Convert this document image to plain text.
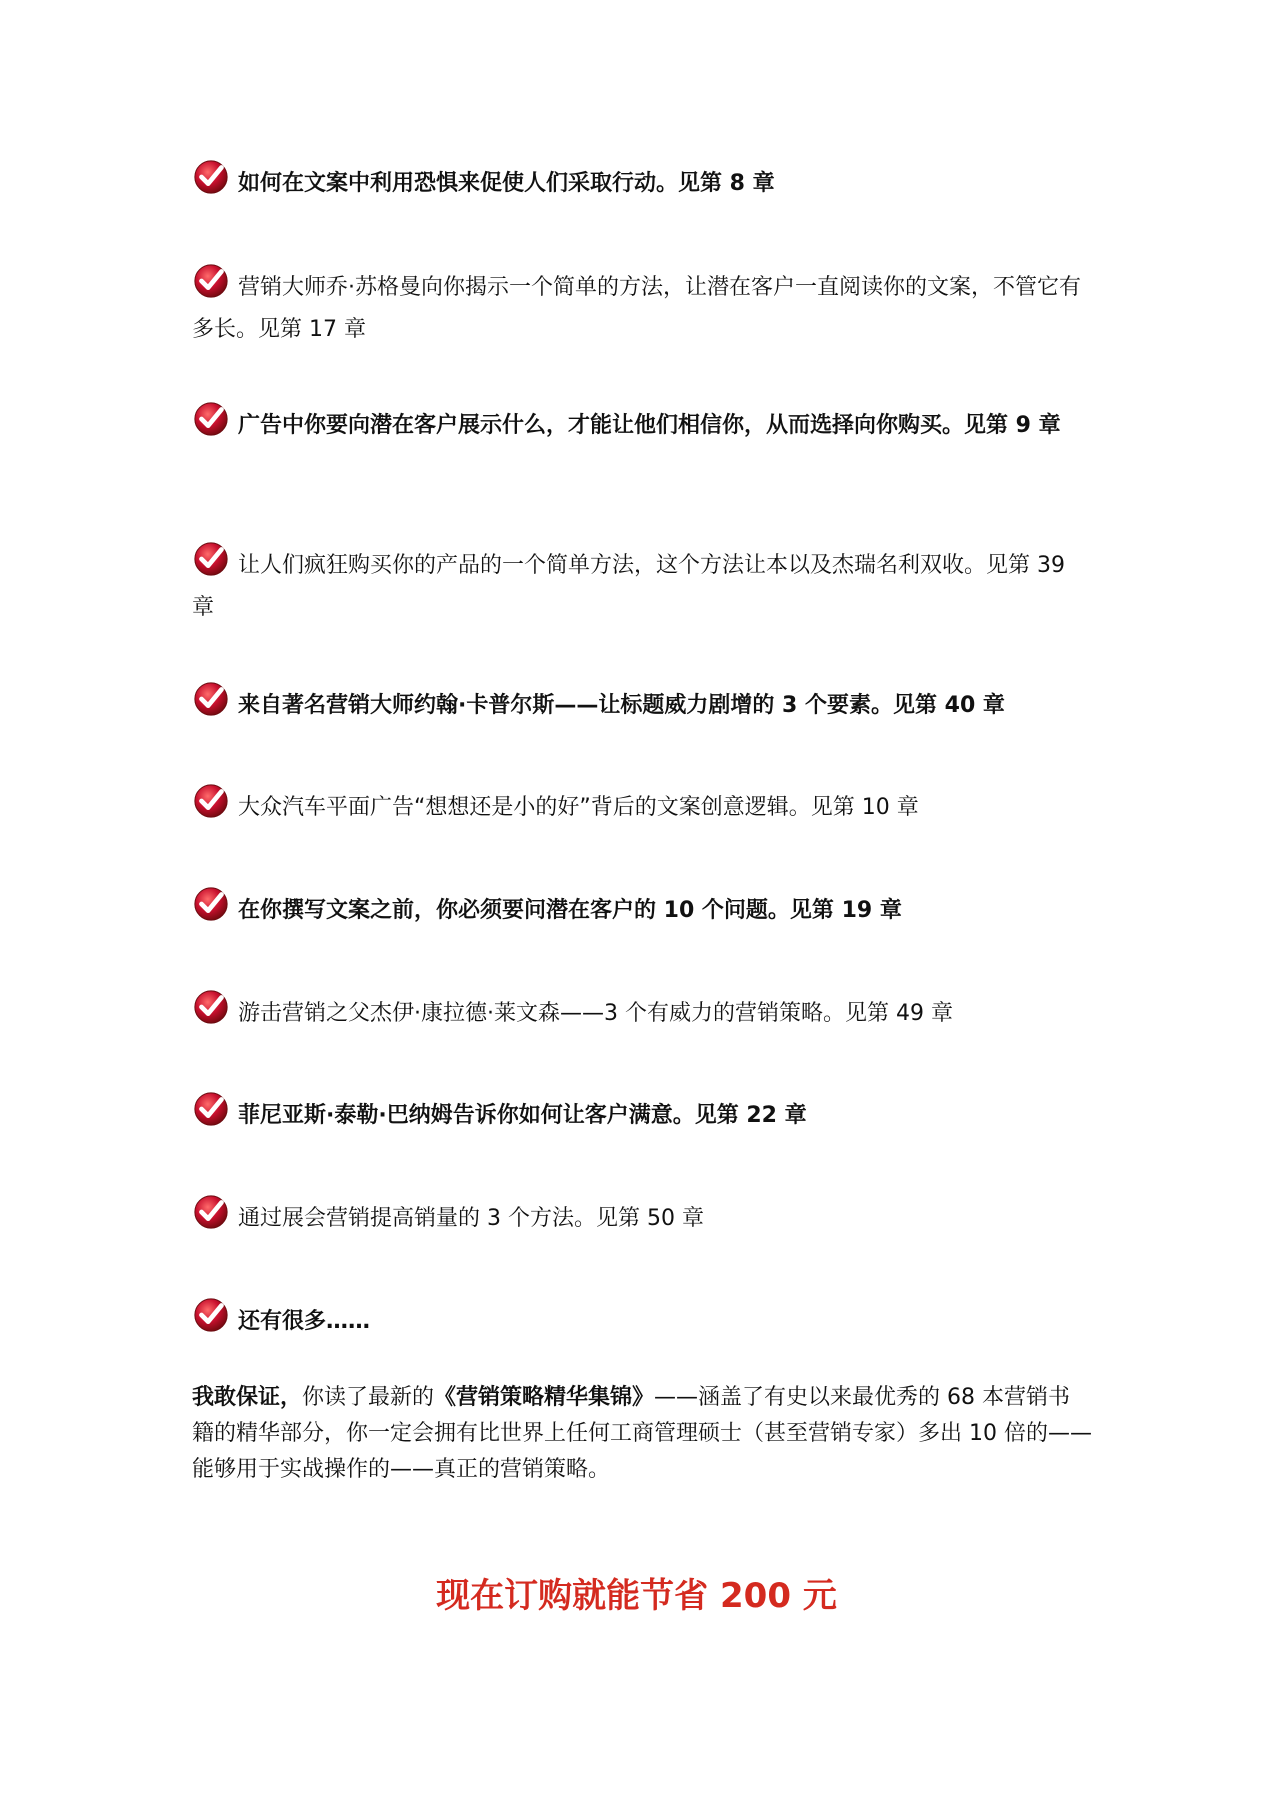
如何在文案中利用恐惧来促使人们采取行动。见第 8 章
营销大师乔·苏格曼向你揭示一个简单的方法，让潜在客户一直阅读你的文案，不管它有多长。见第 17 章
广告中你要向潜在客户展示什么，才能让他们相信你，从而选择向你购买。见第 9 章
让人们疯狂购买你的产品的一个简单方法，这个方法让本以及杰瑞名利双收。见第 39 章
来自著名营销大师约翰·卡普尔斯——让标题威力剧增的 3 个要素。见第 40 章
大众汽车平面广告“想想还是小的好”背后的文案创意逻辑。见第 10 章
在你撰写文案之前，你必须要问潜在客户的 10 个问题。见第 19 章
游击营销之父杰伊·康拉德·莱文森——3 个有威力的营销策略。见第 49 章
菲尼亚斯·泰勒·巴纳姆告诉你如何让客户满意。见第 22 章
通过展会营销提高销量的 3 个方法。见第 50 章
还有很多……
我敢保证，你读了最新的《营销策略精华集锦》——涵盖了有史以来最优秀的 68 本营销书籍的精华部分，你一定会拥有比世界上任何工商管理硕士（甚至营销专家）多出 10 倍的——能够用于实战操作的——真正的营销策略。
现在订购就能节省 200 元
